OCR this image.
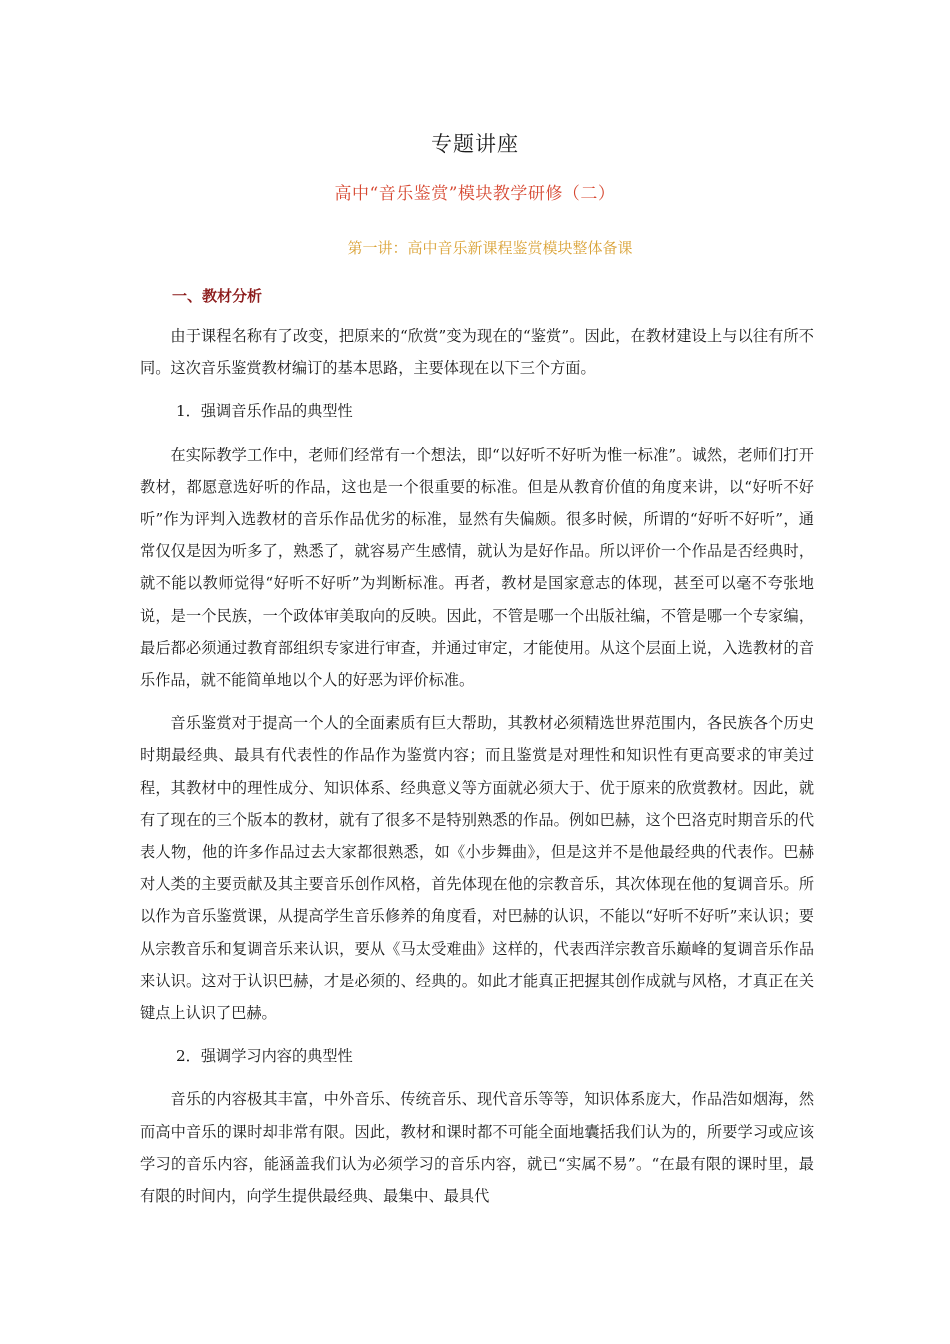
专题讲座
高中“音乐鉴赏”模块教学研修（二）
第一讲：高中音乐新课程鉴赏模块整体备课
一、教材分析

由于课程名称有了改变，把原来的“欣赏”变为现在的“鉴赏”。因此，在教材建设上与以往有所不同。这次音乐鉴赏教材编订的基本思路，主要体现在以下三个方面。

1．强调音乐作品的典型性

在实际教学工作中，老师们经常有一个想法，即“以好听不好听为惟一标准”。诚然，老师们打开教材，都愿意选好听的作品，这也是一个很重要的标准。但是从教育价值的角度来讲，以“好听不好听”作为评判入选教材的音乐作品优劣的标准，显然有失偏颇。很多时候，所谓的“好听不好听”，通常仅仅是因为听多了，熟悉了，就容易产生感情，就认为是好作品。所以评价一个作品是否经典时，就不能以教师觉得“好听不好听”为判断标准。再者，教材是国家意志的体现，甚至可以毫不夸张地说，是一个民族，一个政体审美取向的反映。因此，不管是哪一个出版社编，不管是哪一个专家编，最后都必须通过教育部组织专家进行审查，并通过审定，才能使用。从这个层面上说，入选教材的音乐作品，就不能简单地以个人的好恶为评价标准。

音乐鉴赏对于提高一个人的全面素质有巨大帮助，其教材必须精选世界范围内，各民族各个历史时期最经典、最具有代表性的作品作为鉴赏内容；而且鉴赏是对理性和知识性有更高要求的审美过程，其教材中的理性成分、知识体系、经典意义等方面就必须大于、优于原来的欣赏教材。因此，就有了现在的三个版本的教材，就有了很多不是特别熟悉的作品。例如巴赫，这个巴洛克时期音乐的代表人物，他的许多作品过去大家都很熟悉，如《小步舞曲》，但是这并不是他最经典的代表作。巴赫对人类的主要贡献及其主要音乐创作风格，首先体现在他的宗教音乐，其次体现在他的复调音乐。所以作为音乐鉴赏课，从提高学生音乐修养的角度看，对巴赫的认识，不能以“好听不好听”来认识；要从宗教音乐和复调音乐来认识，要从《马太受难曲》这样的，代表西洋宗教音乐巅峰的复调音乐作品来认识。这对于认识巴赫，才是必须的、经典的。如此才能真正把握其创作成就与风格，才真正在关键点上认识了巴赫。

2．强调学习内容的典型性

音乐的内容极其丰富，中外音乐、传统音乐、现代音乐等等，知识体系庞大，作品浩如烟海，然而高中音乐的课时却非常有限。因此，教材和课时都不可能全面地囊括我们认为的，所要学习或应该学习的音乐内容，能涵盖我们认为必须学习的音乐内容，就已“实属不易”。“在最有限的课时里，最有限的时间内，向学生提供最经典、最集中、最具代
